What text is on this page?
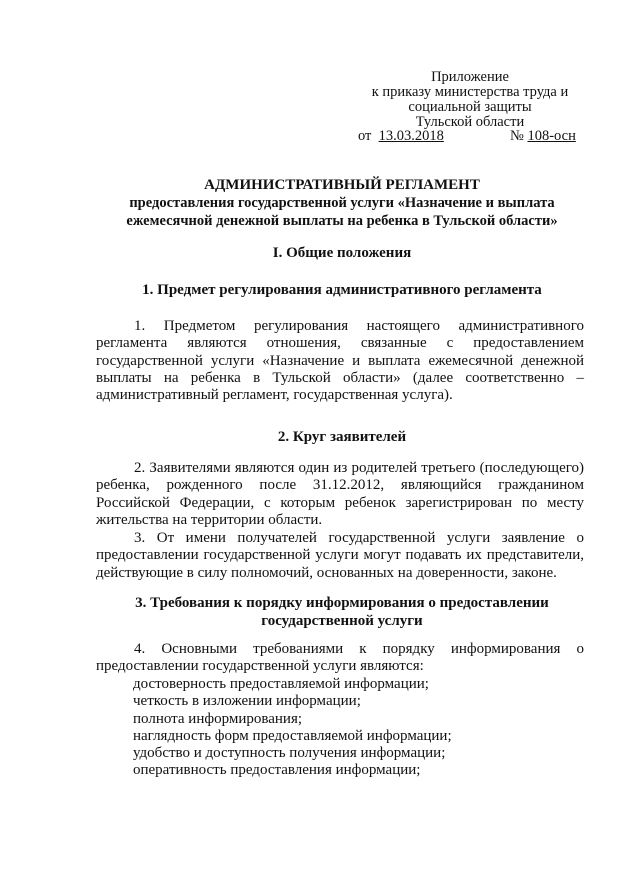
Приложение
к приказу министерства труда и
социальной защиты
Тульской области
от 13.03.2018	№ 108-осн
АДМИНИСТРАТИВНЫЙ РЕГЛАМЕНТ
предоставления государственной услуги «Назначение и выплата
ежемесячной денежной выплаты на ребенка в Тульской области»
I. Общие положения
1. Предмет регулирования административного регламента
1. Предметом регулирования настоящего административного
регламента являются отношения, связанные с предоставлением
государственной услуги «Назначение и выплата ежемесячной денежной
выплаты на ребенка в Тульской области» (далее соответственно –
административный регламент, государственная услуга).
2. Круг заявителей
2. Заявителями являются один из родителей третьего (последующего)
ребенка, рожденного после 31.12.2012, являющийся гражданином
Российской Федерации, с которым ребенок зарегистрирован по месту
жительства на территории области.
3. От имени получателей государственной услуги заявление о
предоставлении государственной услуги могут подавать их представители,
действующие в силу полномочий, основанных на доверенности, законе.
3. Требования к порядку информирования о предоставлении
государственной услуги
4. Основными требованиями к порядку информирования о
предоставлении государственной услуги являются:
достоверность предоставляемой информации;
четкость в изложении информации;
полнота информирования;
наглядность форм предоставляемой информации;
удобство и доступность получения информации;
оперативность предоставления информации;
